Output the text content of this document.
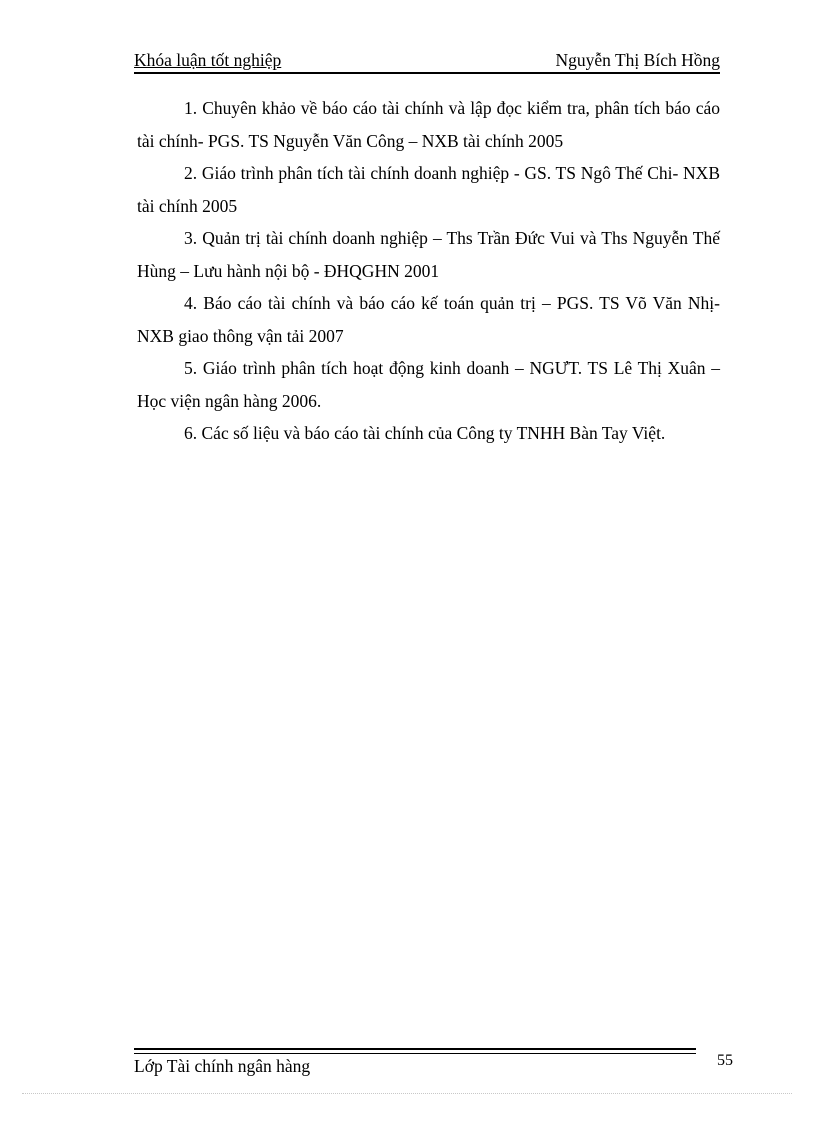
Khóa luận tốt nghiệp	Nguyễn Thị Bích Hồng

1. Chuyên khảo về báo cáo tài chính và lập đọc kiểm tra, phân tích báo cáo tài chính- PGS. TS Nguyễn Văn Công – NXB tài chính 2005

2. Giáo trình phân tích tài chính doanh nghiệp - GS. TS Ngô Thế Chi- NXB tài chính 2005

3. Quản trị tài chính doanh nghiệp – Ths Trần Đức Vui và Ths Nguyễn Thế Hùng – Lưu hành nội bộ - ĐHQGHN 2001

4. Báo cáo tài chính và báo cáo kế toán quản trị – PGS. TS Võ Văn Nhị- NXB giao thông vận tải 2007

5. Giáo trình phân tích hoạt động kinh doanh – NGƯT. TS Lê Thị Xuân – Học viện ngân hàng 2006.

6. Các số liệu và báo cáo tài chính của Công ty TNHH Bàn Tay Việt.

Lớp Tài chính ngân hàng	55
